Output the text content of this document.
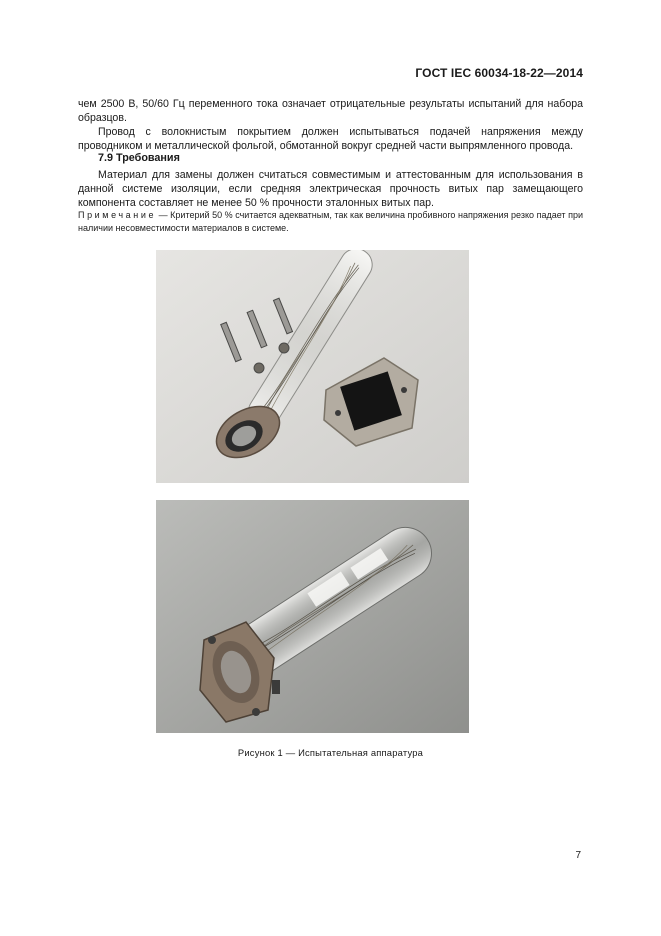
ГОСТ IEC 60034-18-22—2014
чем 2500 В, 50/60 Гц переменного тока означает отрицательные результаты испытаний для набора образцов.
Провод с волокнистым покрытием должен испытываться подачей напряжения между проводником и металлической фольгой, обмотанной вокруг средней части выпрямленного провода.
7.9 Требования
Материал для замены должен считаться совместимым и аттестованным для использования в данной системе изоляции, если средняя электрическая прочность витых пар замещающего компонента составляет не менее 50 % прочности эталонных витых пар.
Примечание — Критерий 50 % считается адекватным, так как величина пробивного напряжения резко падает при наличии несовместимости материалов в системе.
Рисунок 1 — Испытательная аппаратура
7
